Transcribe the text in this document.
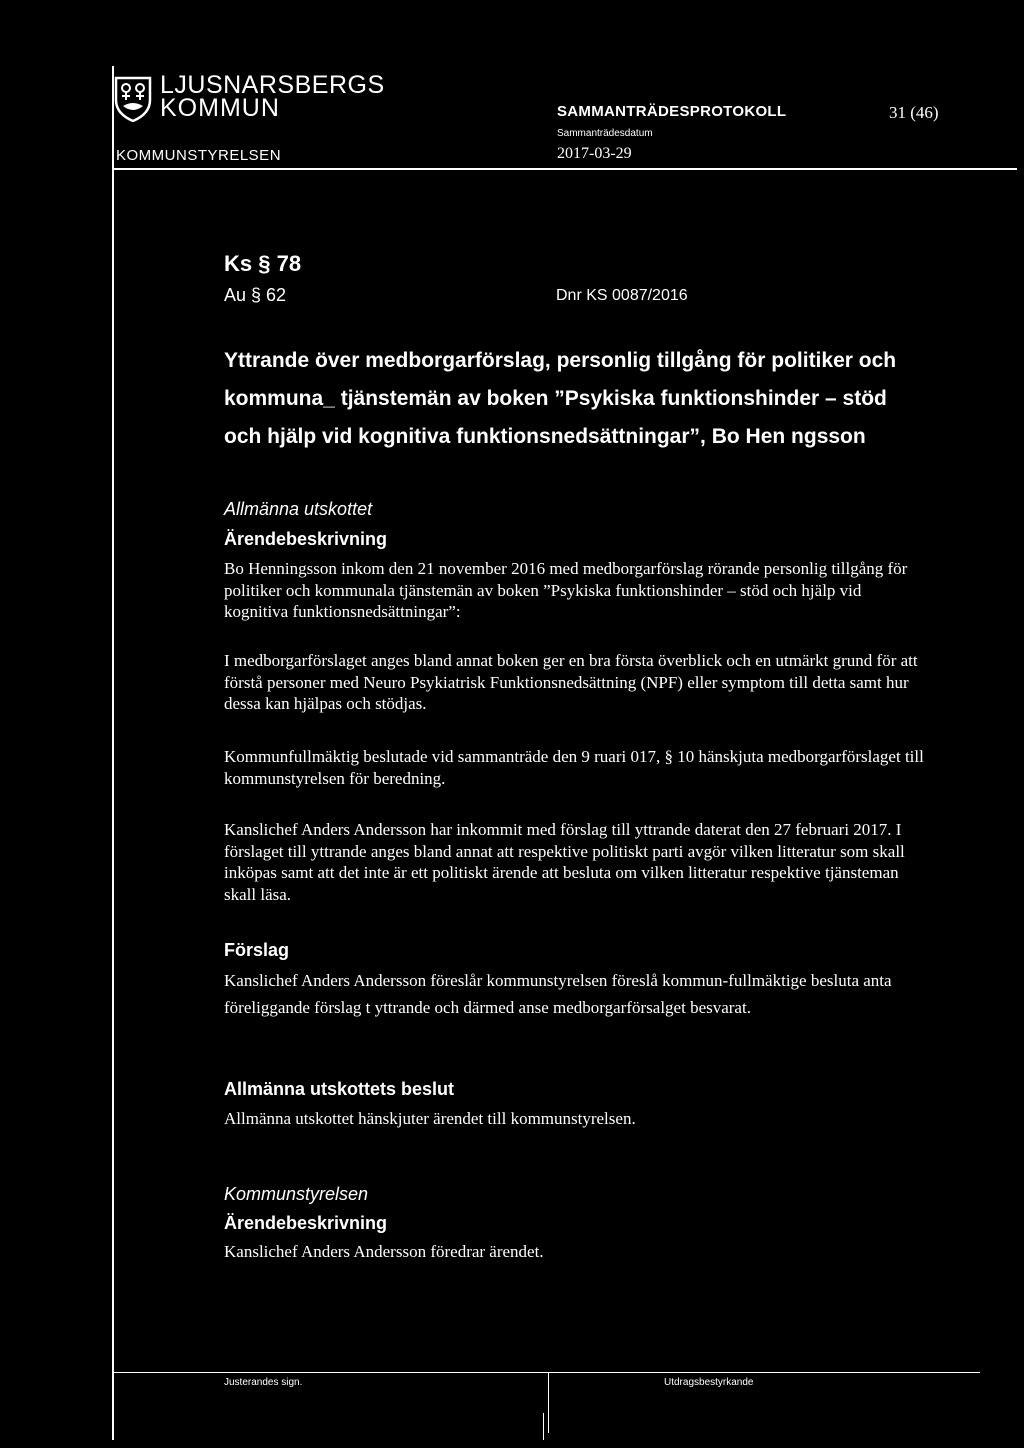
LJUSNARSBERGS
KOMMUN
KOMMUNSTYRELSEN
SAMMANTRÄDESPROTOKOLL
Sammanträdesdatum
2017-03-29
31 (46)
Ks § 78
Au § 62	Dnr KS 0087/2016
Yttrande över medborgarförslag, personlig tillgång för politiker och kommuna_ tjänstemän av boken ”Psykiska funktionshinder – stöd och hjälp vid kognitiva funktionsnedsättningar”, Bo Hen ngsson
Allmänna utskottet
Ärendebeskrivning
Bo Henningsson inkom den 21 november 2016 med medborgarförslag rörande personlig tillgång för politiker och kommunala tjänstemän av boken ”Psykiska funktionshinder – stöd och hjälp vid kognitiva funktionsnedsättningar”:
I medborgarförslaget anges bland annat boken ger en bra första överblick och en utmärkt grund för att förstå personer med Neuro Psykiatrisk Funktionsnedsättning (NPF) eller symptom till detta samt hur dessa kan hjälpas och stödjas.
Kommunfullmäktig beslutade vid sammanträde den 9 ruari 017, § 10 hänskjuta medborgarförslaget till kommunstyrelsen för beredning.
Kanslichef Anders Andersson har inkommit med förslag till yttrande daterat den 27 februari 2017. I förslaget till yttrande anges bland annat att respektive politiskt parti avgör vilken litteratur som skall inköpas samt att det inte är ett politiskt ärende att besluta om vilken litteratur respektive tjänsteman skall läsa.
Förslag
Kanslichef Anders Andersson föreslår kommunstyrelsen föreslå kommun-fullmäktige besluta anta föreliggande förslag t yttrande och därmed anse medborgarförsalget besvarat.
Allmänna utskottets beslut
Allmänna utskottet hänskjuter ärendet till kommunstyrelsen.
Kommunstyrelsen
Ärendebeskrivning
Kanslichef Anders Andersson föredrar ärendet.
Justerandes sign.	Utdragsbestyrkande
